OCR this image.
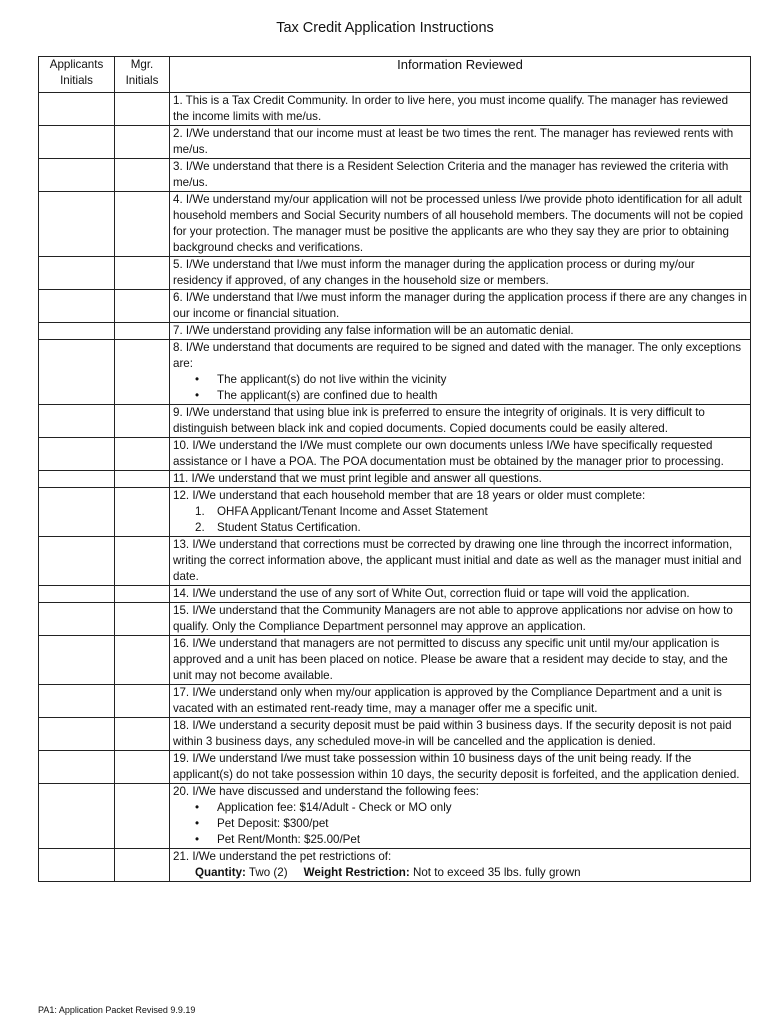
Tax Credit Application Instructions
Applicants Initials	Mgr. Initials	Information Reviewed
		1. This is a Tax Credit Community. In order to live here, you must income qualify. The manager has reviewed the income limits with me/us.
		2. I/We understand that our income must at least be two times the rent. The manager has reviewed rents with me/us.
		3. I/We understand that there is a Resident Selection Criteria and the manager has reviewed the criteria with me/us.
		4. I/We understand my/our application will not be processed unless I/we provide photo identification for all adult household members and Social Security numbers of all household members. The documents will not be copied for your protection. The manager must be positive the applicants are who they say they are prior to obtaining background checks and verifications.
		5. I/We understand that I/we must inform the manager during the application process or during my/our residency if approved, of any changes in the household size or members.
		6. I/We understand that I/we must inform the manager during the application process if there are any changes in our income or financial situation.
		7. I/We understand providing any false information will be an automatic denial.

		8. I/We understand that documents are required to be signed and dated with the manager. The only exceptions are:
• The applicant(s) do not live within the vicinity
• The applicant(s) are confined due to health

		9. I/We understand that using blue ink is preferred to ensure the integrity of originals. It is very difficult to distinguish between black ink and copied documents. Copied documents could be easily altered.
		10. I/We understand the I/We must complete our own documents unless I/We have specifically requested assistance or I have a POA. The POA documentation must be obtained by the manager prior to processing.
		11. I/We understand that we must print legible and answer all questions.

		12. I/We understand that each household member that are 18 years or older must complete:
1. OHFA Applicant/Tenant Income and Asset Statement
2. Student Status Certification.

		13. I/We understand that corrections must be corrected by drawing one line through the incorrect information, writing the correct information above, the applicant must initial and date as well as the manager must initial and date.
		14. I/We understand the use of any sort of White Out, correction fluid or tape will void the application.
		15. I/We understand that the Community Managers are not able to approve applications nor advise on how to qualify. Only the Compliance Department personnel may approve an application.
		16. I/We understand that managers are not permitted to discuss any specific unit until my/our application is approved and a unit has been placed on notice. Please be aware that a resident may decide to stay, and the unit may not become available.
		17. I/We understand only when my/our application is approved by the Compliance Department and a unit is vacated with an estimated rent-ready time, may a manager offer me a specific unit.
		18. I/We understand a security deposit must be paid within 3 business days. If the security deposit is not paid within 3 business days, any scheduled move-in will be cancelled and the application is denied.
		19. I/We understand I/we must take possession within 10 business days of the unit being ready. If the applicant(s) do not take possession within 10 days, the security deposit is forfeited, and the application denied.

		20. I/We have discussed and understand the following fees:
• Application fee: $14/Adult - Check or MO only
• Pet Deposit: $300/pet
• Pet Rent/Month: $25.00/Pet

		21. I/We understand the pet restrictions of:
Quantity: Two (2) Weight Restriction: Not to exceed 35 lbs. fully grown
PA1: Application Packet Revised 9.9.19
